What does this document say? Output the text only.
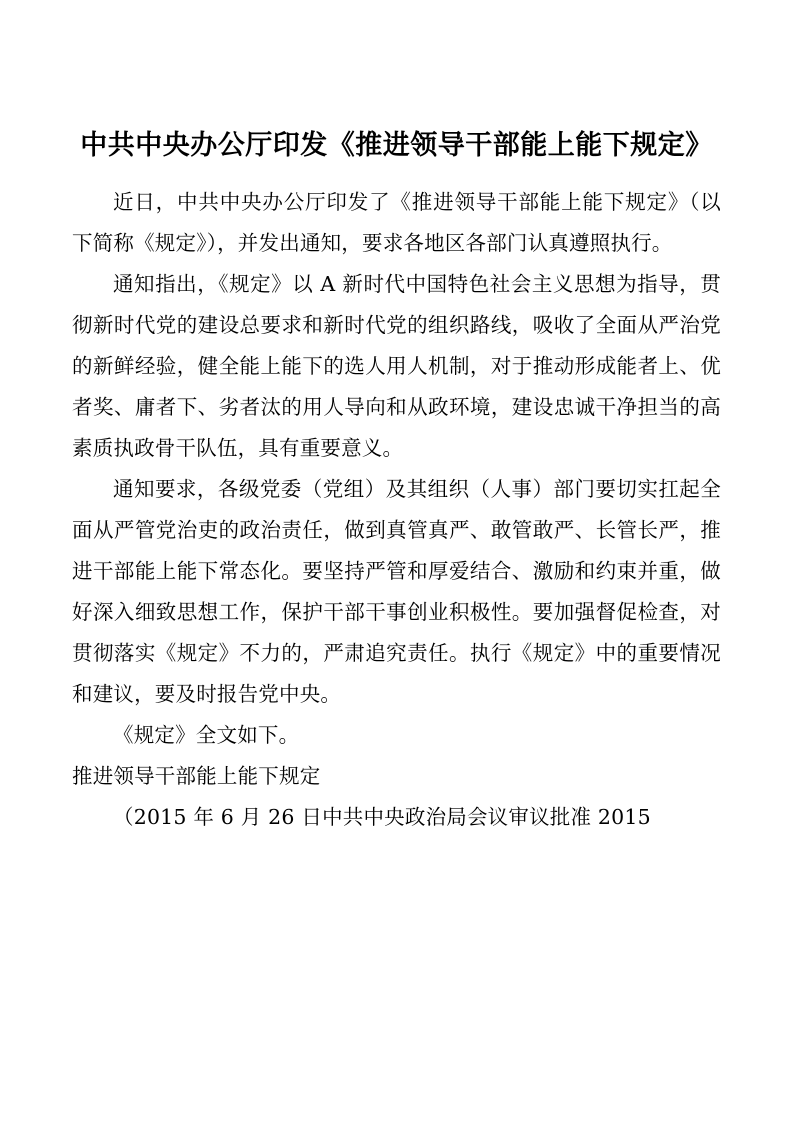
中共中央办公厅印发《推进领导干部能上能下规定》

近日，中共中央办公厅印发了《推进领导干部能上能下规定》（以下简称《规定》），并发出通知，要求各地区各部门认真遵照执行。

通知指出，《规定》以 A 新时代中国特色社会主义思想为指导，贯彻新时代党的建设总要求和新时代党的组织路线，吸收了全面从严治党的新鲜经验，健全能上能下的选人用人机制，对于推动形成能者上、优者奖、庸者下、劣者汰的用人导向和从政环境，建设忠诚干净担当的高素质执政骨干队伍，具有重要意义。

通知要求，各级党委（党组）及其组织（人事）部门要切实扛起全面从严管党治吏的政治责任，做到真管真严、敢管敢严、长管长严，推进干部能上能下常态化。要坚持严管和厚爱结合、激励和约束并重，做好深入细致思想工作，保护干部干事创业积极性。要加强督促检查，对贯彻落实《规定》不力的，严肃追究责任。执行《规定》中的重要情况和建议，要及时报告党中央。

《规定》全文如下。

推进领导干部能上能下规定

（2015 年 6 月 26 日中共中央政治局会议审议批准 2015
